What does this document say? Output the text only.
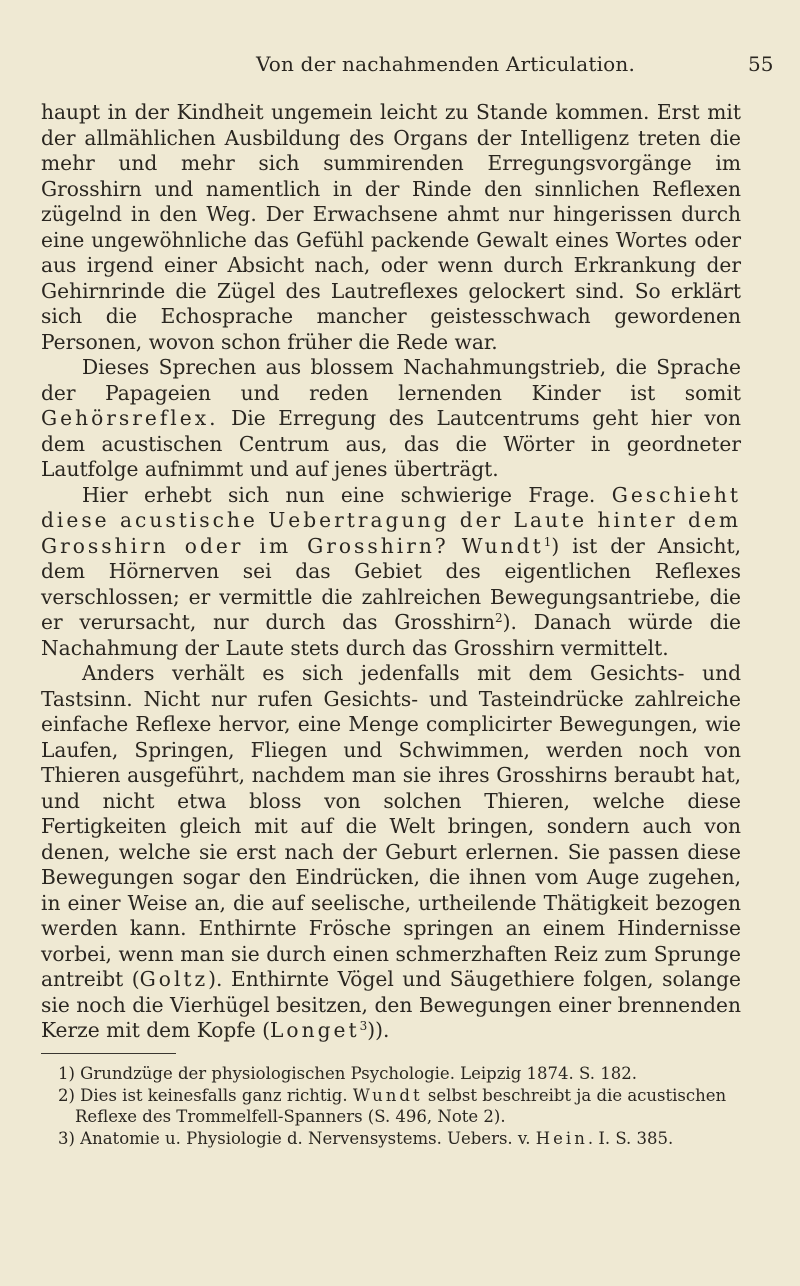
Von der nachahmenden Articulation.	55

haupt in der Kindheit ungemein leicht zu Stande kommen. Erst mit der allmählichen Ausbildung des Organs der Intelligenz treten die mehr und mehr sich summirenden Erregungsvorgänge im Grosshirn und namentlich in der Rinde den sinnlichen Reflexen zügelnd in den Weg. Der Erwachsene ahmt nur hingerissen durch eine ungewöhnliche das Gefühl packende Gewalt eines Wortes oder aus irgend einer Absicht nach, oder wenn durch Erkrankung der Gehirnrinde die Zügel des Lautreflexes gelockert sind. So erklärt sich die Echosprache mancher geistesschwach gewordenen Personen, wovon schon früher die Rede war.

Dieses Sprechen aus blossem Nachahmungstrieb, die Sprache der Papageien und reden lernenden Kinder ist somit Gehörsreflex. Die Erregung des Lautcentrums geht hier von dem acustischen Centrum aus, das die Wörter in geordneter Lautfolge aufnimmt und auf jenes überträgt.

Hier erhebt sich nun eine schwierige Frage. Geschieht diese acustische Uebertragung der Laute hinter dem Grosshirn oder im Grosshirn? Wundt$^1$) ist der Ansicht, dem Hörnerven sei das Gebiet des eigentlichen Reflexes verschlossen; er vermittle die zahlreichen Bewegungsantriebe, die er verursacht, nur durch das Grosshirn$^2$). Danach würde die Nachahmung der Laute stets durch das Grosshirn vermittelt.

Anders verhält es sich jedenfalls mit dem Gesichts- und Tastsinn. Nicht nur rufen Gesichts- und Tasteindrücke zahlreiche einfache Reflexe hervor, eine Menge complicirter Bewegungen, wie Laufen, Springen, Fliegen und Schwimmen, werden noch von Thieren ausgeführt, nachdem man sie ihres Grosshirns beraubt hat, und nicht etwa bloss von solchen Thieren, welche diese Fertigkeiten gleich mit auf die Welt bringen, sondern auch von denen, welche sie erst nach der Geburt erlernen. Sie passen diese Bewegungen sogar den Eindrücken, die ihnen vom Auge zugehen, in einer Weise an, die auf seelische, urtheilende Thätigkeit bezogen werden kann. Enthirnte Frösche springen an einem Hindernisse vorbei, wenn man sie durch einen schmerzhaften Reiz zum Sprunge antreibt (Goltz). Enthirnte Vögel und Säugethiere folgen, solange sie noch die Vierhügel besitzen, den Bewegungen einer brennenden Kerze mit dem Kopfe (Longet$^3$)).

1) Grundzüge der physiologischen Psychologie. Leipzig 1874. S. 182.

2) Dies ist keinesfalls ganz richtig. Wundt selbst beschreibt ja die acustischen Reflexe des Trommelfell-Spanners (S. 496, Note 2).

3) Anatomie u. Physiologie d. Nervensystems. Uebers. v. Hein. I. S. 385.
